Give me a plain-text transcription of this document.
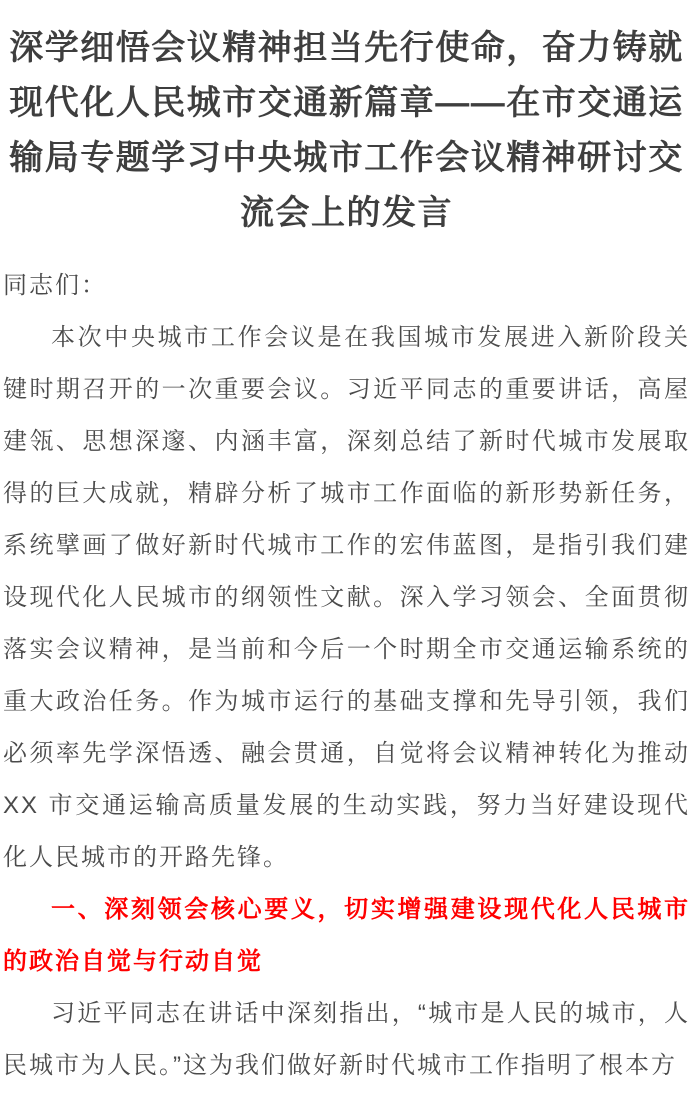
深学细悟会议精神担当先行使命，奋力铸就现代化人民城市交通新篇章——在市交通运输局专题学习中央城市工作会议精神研讨交流会上的发言

同志们：

本次中央城市工作会议是在我国城市发展进入新阶段关键时期召开的一次重要会议。习近平同志的重要讲话，高屋建瓴、思想深邃、内涵丰富，深刻总结了新时代城市发展取得的巨大成就，精辟分析了城市工作面临的新形势新任务，系统擘画了做好新时代城市工作的宏伟蓝图，是指引我们建设现代化人民城市的纲领性文献。深入学习领会、全面贯彻落实会议精神，是当前和今后一个时期全市交通运输系统的重大政治任务。作为城市运行的基础支撑和先导引领，我们必须率先学深悟透、融会贯通，自觉将会议精神转化为推动XX 市交通运输高质量发展的生动实践，努力当好建设现代化人民城市的开路先锋。

一、深刻领会核心要义，切实增强建设现代化人民城市的政治自觉与行动自觉

习近平同志在讲话中深刻指出，“城市是人民的城市，人民城市为人民。”这为我们做好新时代城市工作指明了根本方
